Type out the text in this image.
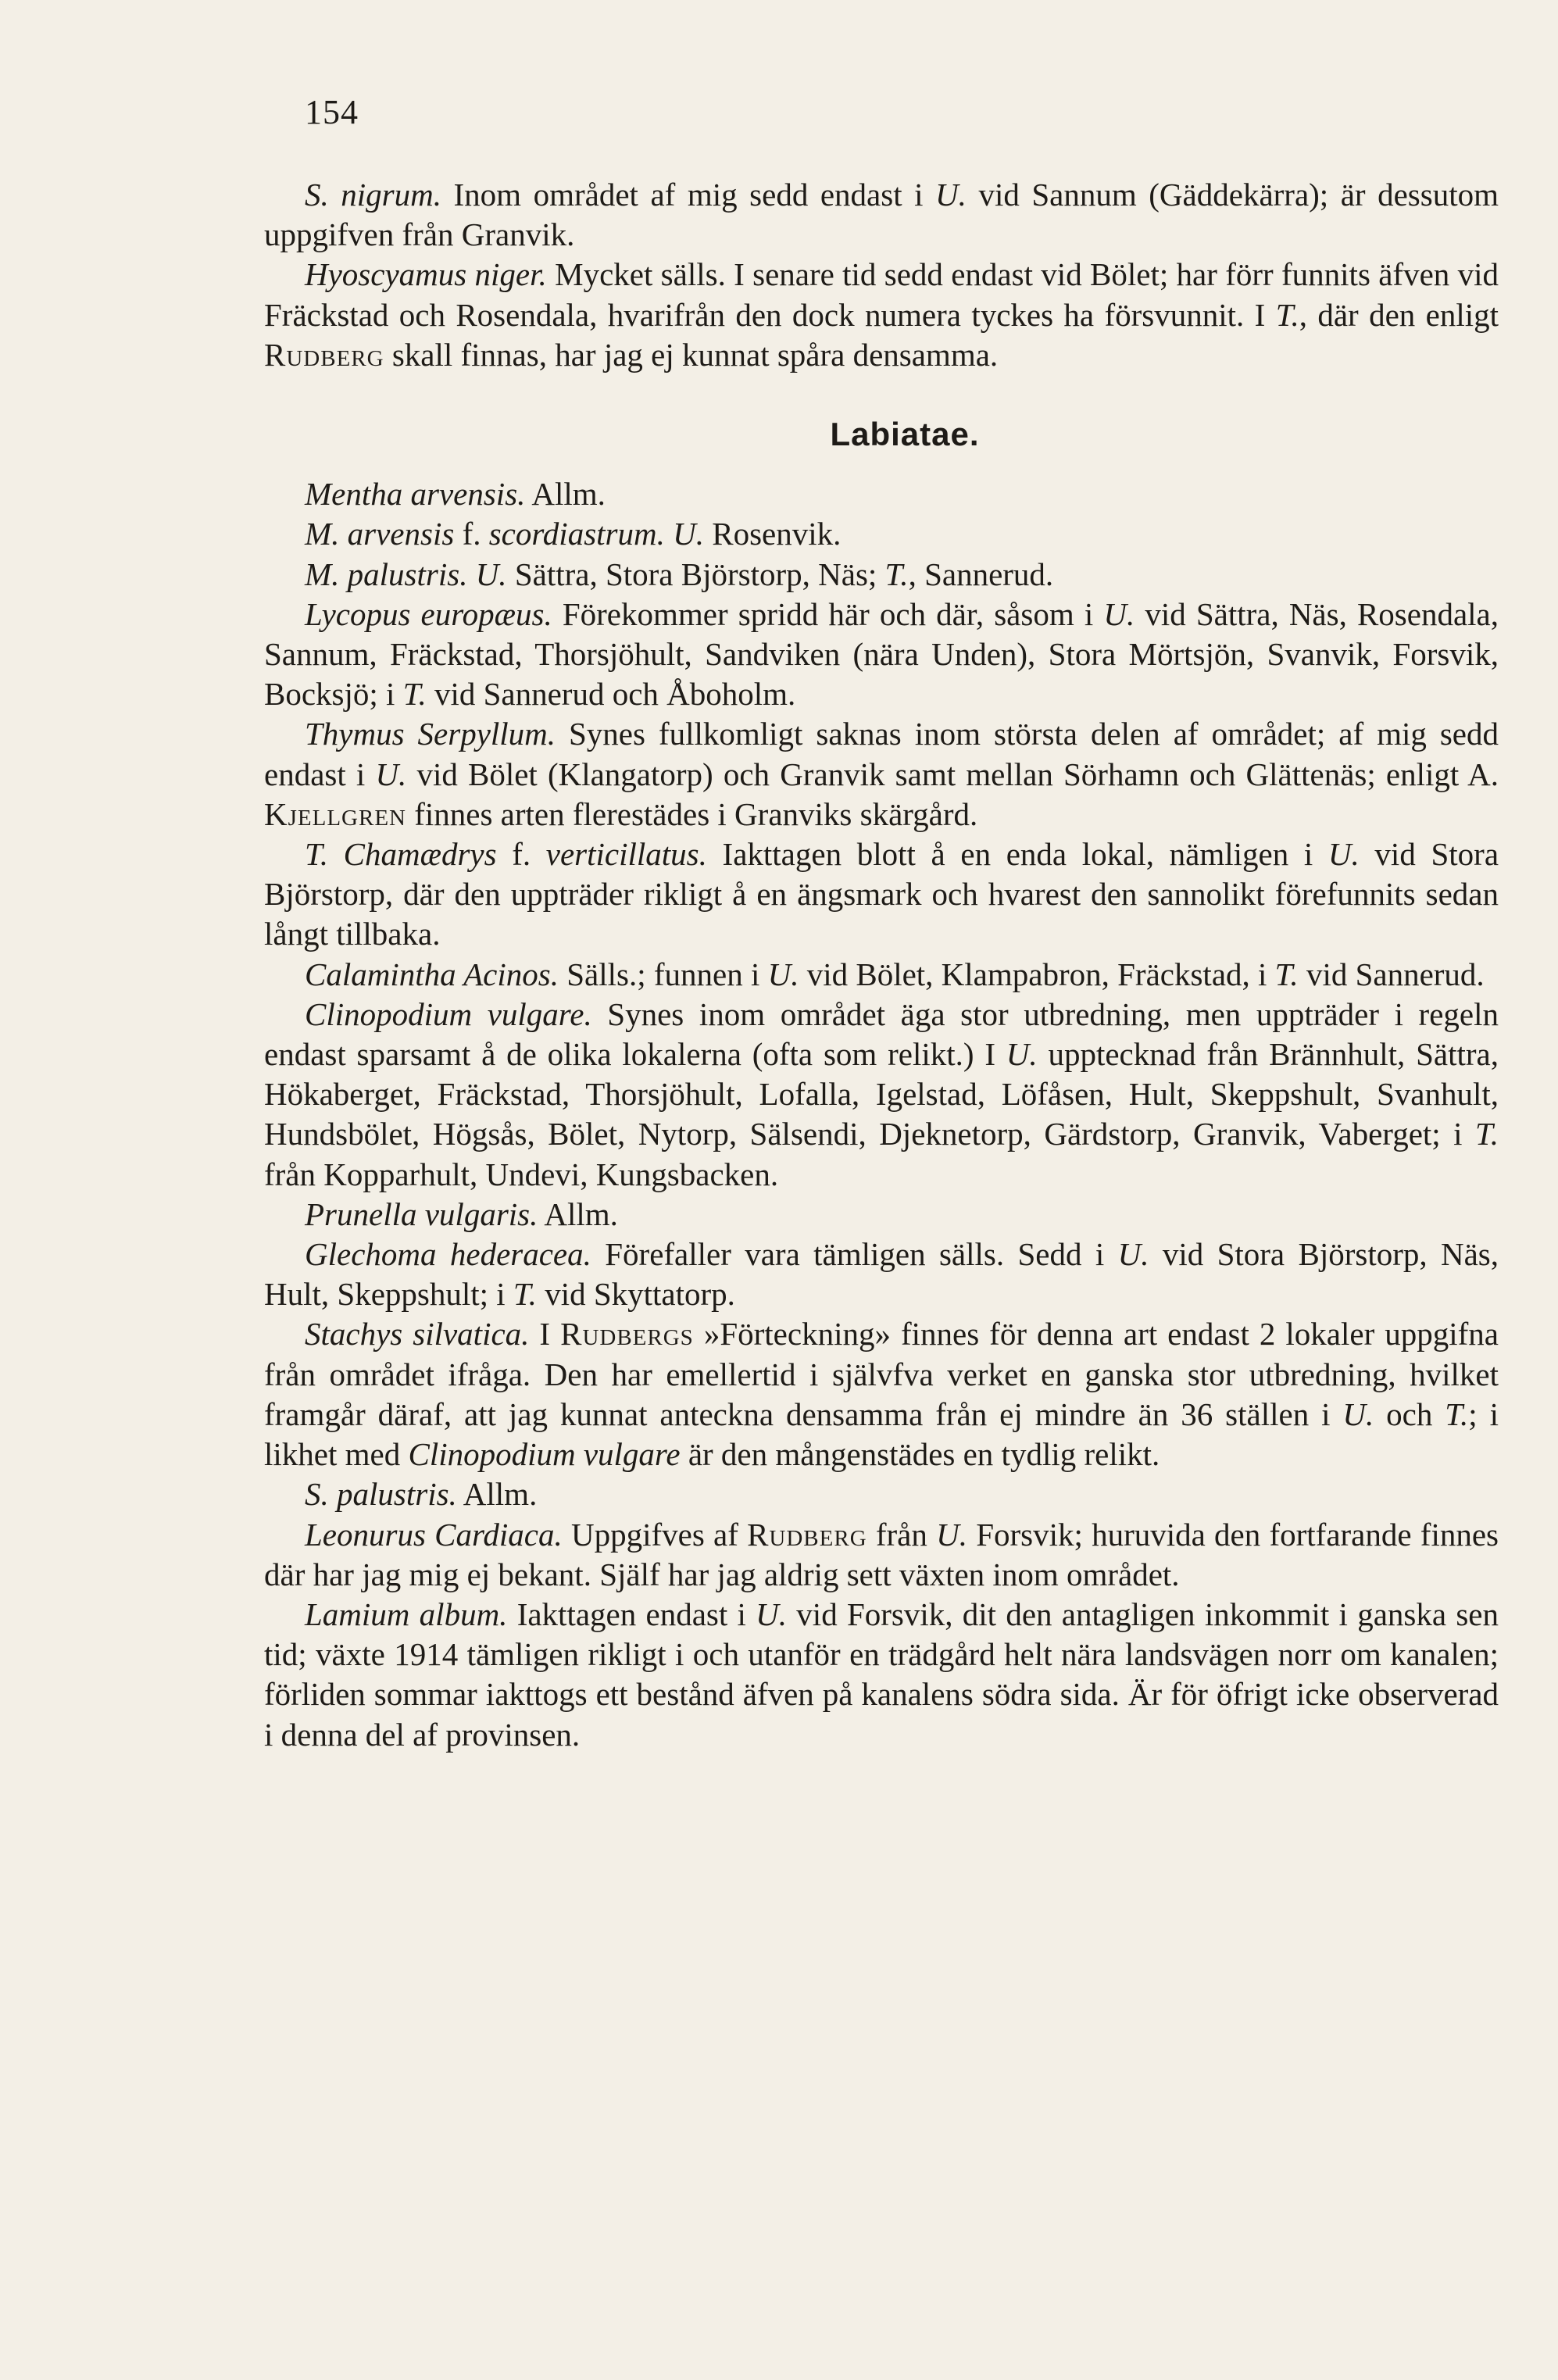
154

S. nigrum. Inom området af mig sedd endast i U. vid Sannum (Gäddekärra); är dessutom uppgifven från Granvik.

Hyoscyamus niger. Mycket sälls. I senare tid sedd endast vid Bölet; har förr funnits äfven vid Fräckstad och Rosendala, hvarifrån den dock numera tyckes ha försvunnit. I T., där den enligt Rudberg skall finnas, har jag ej kunnat spåra densamma.

Labiatae.

Mentha arvensis. Allm.

M. arvensis f. scordiastrum. U. Rosenvik.

M. palustris. U. Sättra, Stora Björstorp, Näs; T., Sannerud.

Lycopus europæus. Förekommer spridd här och där, såsom i U. vid Sättra, Näs, Rosendala, Sannum, Fräckstad, Thorsjöhult, Sandviken (nära Unden), Stora Mörtsjön, Svanvik, Forsvik, Bocksjö; i T. vid Sannerud och Åboholm.

Thymus Serpyllum. Synes fullkomligt saknas inom största delen af området; af mig sedd endast i U. vid Bölet (Klangatorp) och Granvik samt mellan Sörhamn och Glättenäs; enligt A. Kjellgren finnes arten flerestädes i Granviks skärgård.

T. Chamædrys f. verticillatus. Iakttagen blott å en enda lokal, nämligen i U. vid Stora Björstorp, där den uppträder rikligt å en ängsmark och hvarest den sannolikt förefunnits sedan långt tillbaka.

Calamintha Acinos. Sälls.; funnen i U. vid Bölet, Klampabron, Fräckstad, i T. vid Sannerud.

Clinopodium vulgare. Synes inom området äga stor utbredning, men uppträder i regeln endast sparsamt å de olika lokalerna (ofta som relikt.) I U. upptecknad från Brännhult, Sättra, Hökaberget, Fräckstad, Thorsjöhult, Lofalla, Igelstad, Löfåsen, Hult, Skeppshult, Svanhult, Hundsbölet, Högsås, Bölet, Nytorp, Sälsendi, Djeknetorp, Gärdstorp, Granvik, Vaberget; i T. från Kopparhult, Undevi, Kungsbacken.

Prunella vulgaris. Allm.

Glechoma hederacea. Förefaller vara tämligen sälls. Sedd i U. vid Stora Björstorp, Näs, Hult, Skeppshult; i T. vid Skyttatorp.

Stachys silvatica. I Rudbergs »Förteckning» finnes för denna art endast 2 lokaler uppgifna från området ifråga. Den har emellertid i självfva verket en ganska stor utbredning, hvilket framgår däraf, att jag kunnat anteckna densamma från ej mindre än 36 ställen i U. och T.; i likhet med Clinopodium vulgare är den mångenstädes en tydlig relikt.

S. palustris. Allm.

Leonurus Cardiaca. Uppgifves af Rudberg från U. Forsvik; huruvida den fortfarande finnes där har jag mig ej bekant. Själf har jag aldrig sett växten inom området.

Lamium album. Iakttagen endast i U. vid Forsvik, dit den antagligen inkommit i ganska sen tid; växte 1914 tämligen rikligt i och utanför en trädgård helt nära landsvägen norr om kanalen; förliden sommar iakttogs ett bestånd äfven på kanalens södra sida. Är för öfrigt icke observerad i denna del af provinsen.
